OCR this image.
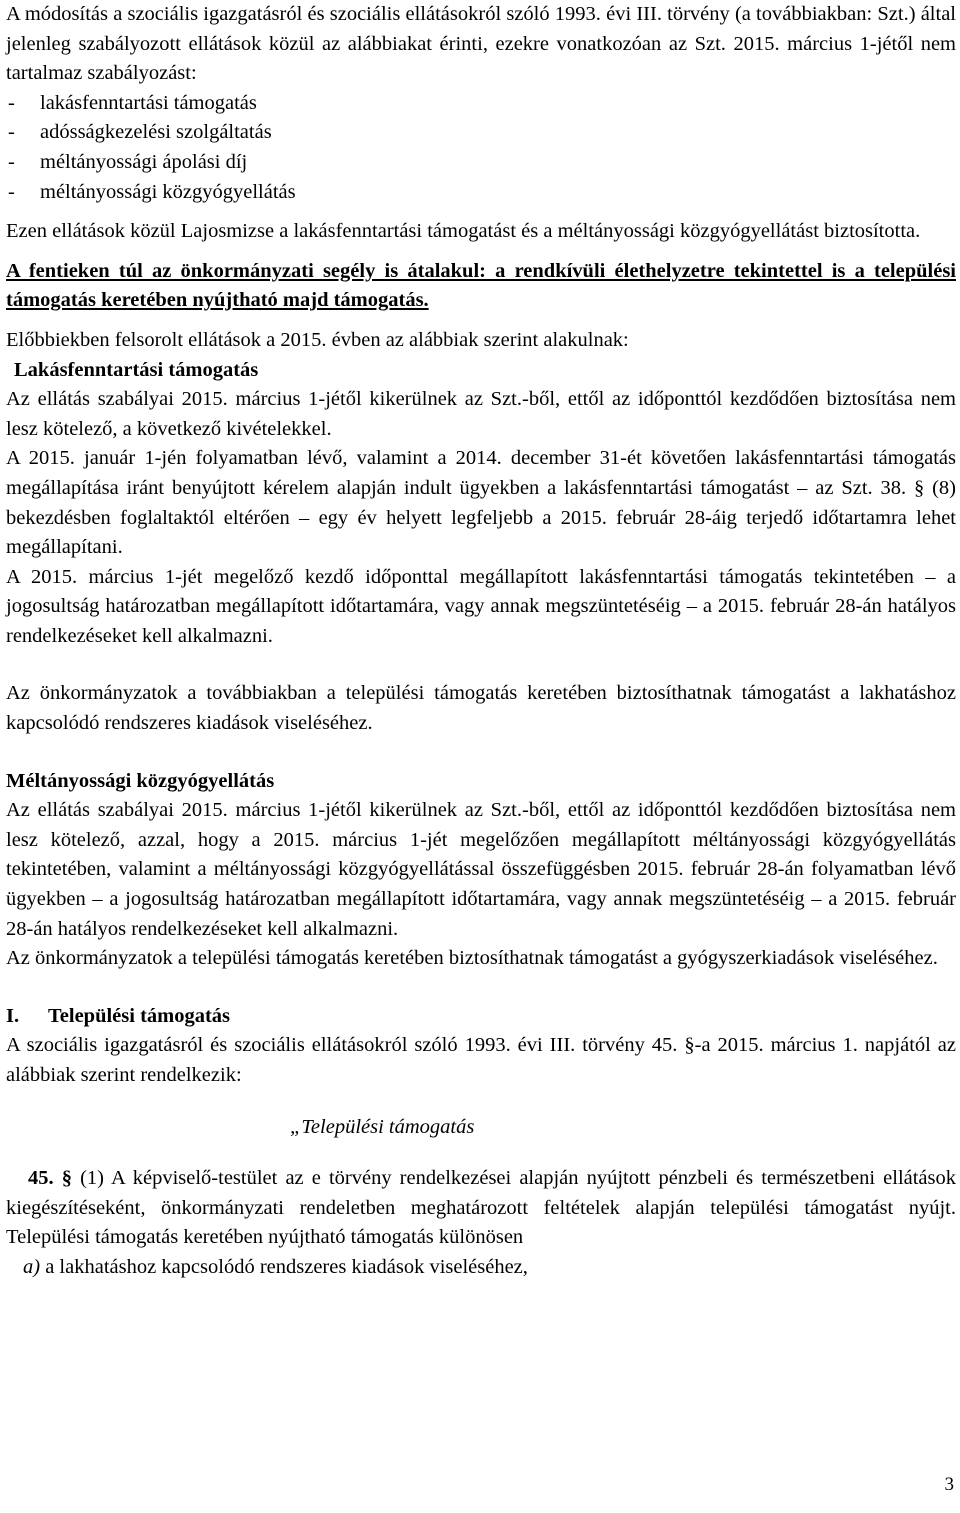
A módosítás a szociális igazgatásról és szociális ellátásokról szóló 1993. évi III. törvény (a továbbiakban: Szt.) által jelenleg szabályozott ellátások közül az alábbiakat érinti, ezekre vonatkozóan az Szt. 2015. március 1-jétől nem tartalmaz szabályozást:

- lakásfenntartási támogatás
- adósságkezelési szolgáltatás
- méltányossági ápolási díj
- méltányossági közgyógyellátás

Ezen ellátások közül Lajosmizse a lakásfenntartási támogatást és a méltányossági közgyógyellátást biztosította.

A fentieken túl az önkormányzati segély is átalakul: a rendkívüli élethelyzetre tekintettel is a települési támogatás keretében nyújtható majd támogatás.

Előbbiekben felsorolt ellátások a 2015. évben az alábbiak szerint alakulnak:

Lakásfenntartási támogatás

Az ellátás szabályai 2015. március 1-jétől kikerülnek az Szt.-ből, ettől az időponttól kezdődően biztosítása nem lesz kötelező, a következő kivételekkel.

A 2015. január 1-jén folyamatban lévő, valamint a 2014. december 31-ét követően lakásfenntartási támogatás megállapítása iránt benyújtott kérelem alapján indult ügyekben a lakásfenntartási támogatást – az Szt. 38. § (8) bekezdésben foglaltaktól eltérően – egy év helyett legfeljebb a 2015. február 28-áig terjedő időtartamra lehet megállapítani.

A 2015. március 1-jét megelőző kezdő időponttal megállapított lakásfenntartási támogatás tekintetében – a jogosultság határozatban megállapított időtartamára, vagy annak megszüntetéséig – a 2015. február 28-án hatályos rendelkezéseket kell alkalmazni.

Az önkormányzatok a továbbiakban a települési támogatás keretében biztosíthatnak támogatást a lakhatáshoz kapcsolódó rendszeres kiadások viseléséhez.

Méltányossági közgyógyellátás

Az ellátás szabályai 2015. március 1-jétől kikerülnek az Szt.-ből, ettől az időponttól kezdődően biztosítása nem lesz kötelező, azzal, hogy a 2015. március 1-jét megelőzően megállapított méltányossági közgyógyellátás tekintetében, valamint a méltányossági közgyógyellátással összefüggésben 2015. február 28-án folyamatban lévő ügyekben – a jogosultság határozatban megállapított időtartamára, vagy annak megszüntetéséig – a 2015. február 28-án hatályos rendelkezéseket kell alkalmazni.

Az önkormányzatok a települési támogatás keretében biztosíthatnak támogatást a gyógyszerkiadások viseléséhez.

I. Települési támogatás

A szociális igazgatásról és szociális ellátásokról szóló 1993. évi III. törvény 45. §-a 2015. március 1. napjától az alábbiak szerint rendelkezik:

„Települési támogatás

45. § (1) A képviselő-testület az e törvény rendelkezései alapján nyújtott pénzbeli és természetbeni ellátások kiegészítéseként, önkormányzati rendeletben meghatározott feltételek alapján települési támogatást nyújt. Települési támogatás keretében nyújtható támogatás különösen

a) a lakhatáshoz kapcsolódó rendszeres kiadások viseléséhez,

3
